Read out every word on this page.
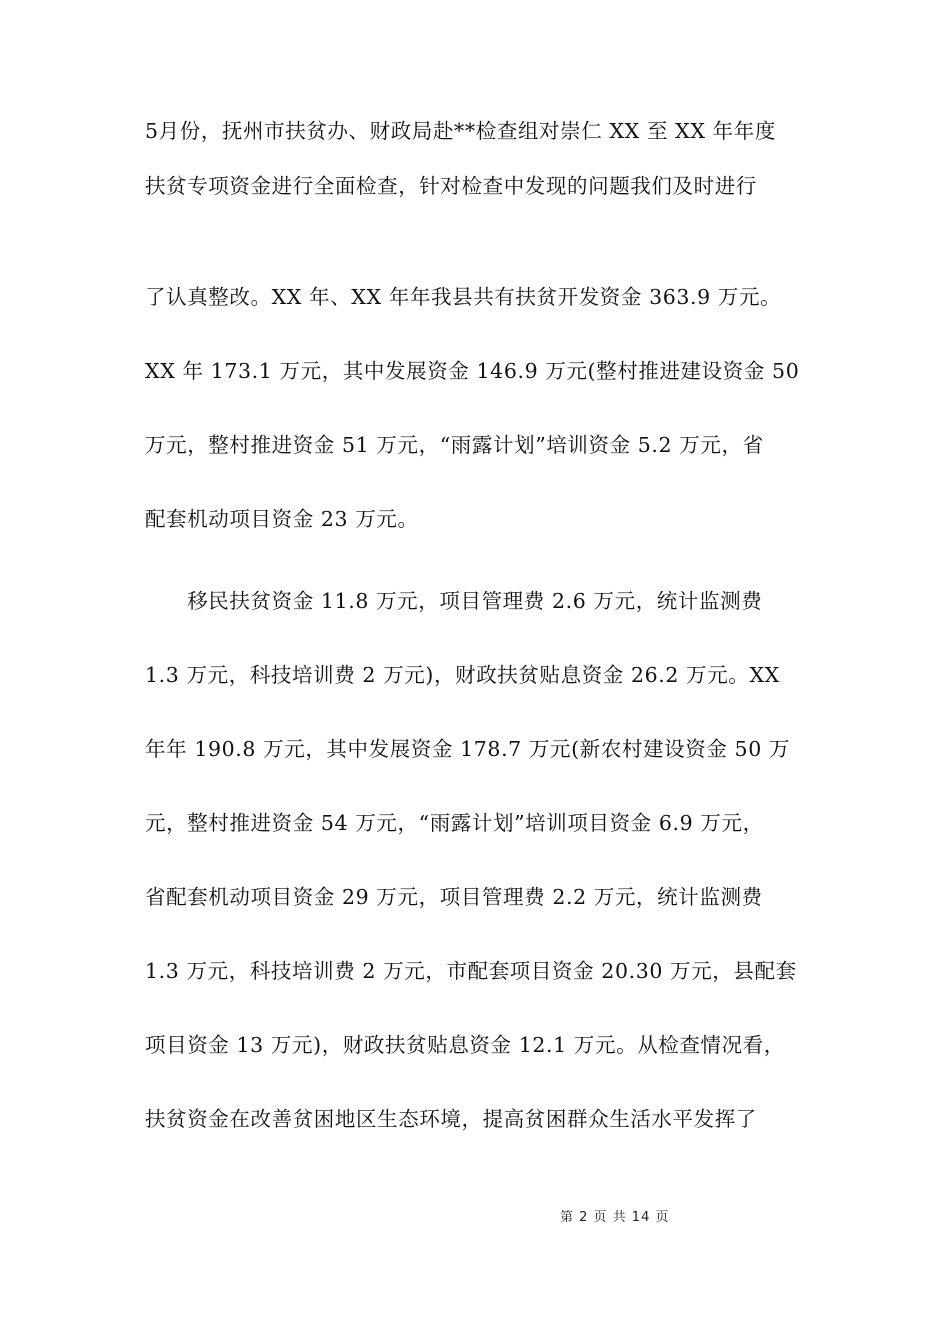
5月份，抚州市扶贫办、财政局赴**检查组对崇仁 XX 至 XX 年年度
扶贫专项资金进行全面检查，针对检查中发现的问题我们及时进行
了认真整改。XX 年、XX 年年我县共有扶贫开发资金 363.9 万元。
XX 年 173.1 万元，其中发展资金 146.9 万元(整村推进建设资金 50
万元，整村推进资金 51 万元，“雨露计划”培训资金 5.2 万元，省
配套机动项目资金 23 万元。
　　移民扶贫资金 11.8 万元，项目管理费 2.6 万元，统计监测费
1.3 万元，科技培训费 2 万元)，财政扶贫贴息资金 26.2 万元。XX
年年 190.8 万元，其中发展资金 178.7 万元(新农村建设资金 50 万
元，整村推进资金 54 万元，“雨露计划”培训项目资金 6.9 万元，
省配套机动项目资金 29 万元，项目管理费 2.2 万元，统计监测费
1.3 万元，科技培训费 2 万元，市配套项目资金 20.30 万元，县配套
项目资金 13 万元)，财政扶贫贴息资金 12.1 万元。从检查情况看，
扶贫资金在改善贫困地区生态环境，提高贫困群众生活水平发挥了
第 2 页 共 14 页
